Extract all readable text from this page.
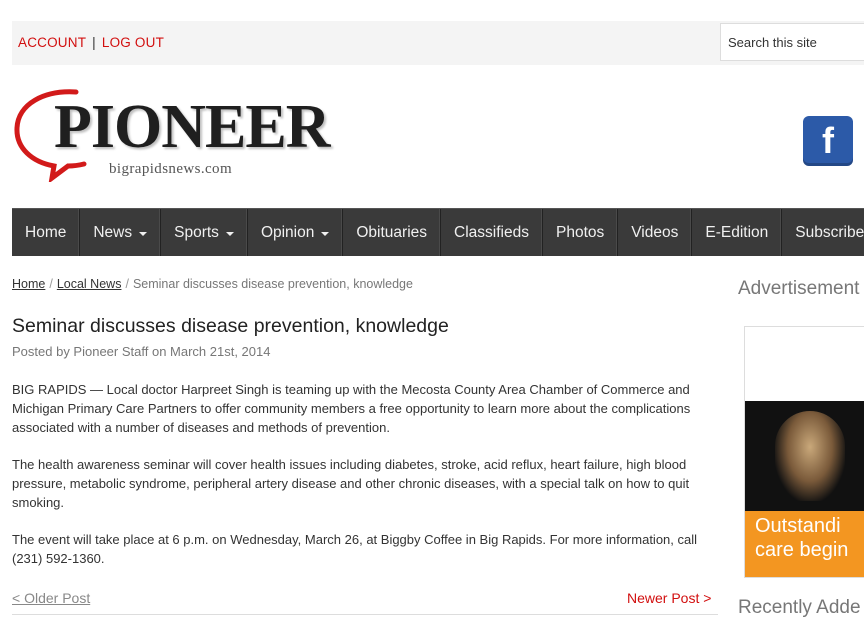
ACCOUNT | LOG OUT
Search this site
PIONEER
bigrapidsnews.com
f
Home News	Sports	Opinion	Obituaries Classifieds Photos Videos E-Edition Subscribe
Home / Local News / Seminar discusses disease prevention, knowledge
Seminar discusses disease prevention, knowledge
Posted by Pioneer Staff on March 21st, 2014

BIG RAPIDS — Local doctor Harpreet Singh is teaming up with the Mecosta County Area Chamber of Commerce and Michigan Primary Care Partners to offer community members a free opportunity to learn more about the complications associated with a number of diseases and methods of prevention.

The health awareness seminar will cover health issues including diabetes, stroke, acid reflux, heart failure, high blood pressure, metabolic syndrome, peripheral artery disease and other chronic diseases, with a special talk on how to quit smoking.

The event will take place at 6 p.m. on Wednesday, March 26, at Biggby Coffee in Big Rapids. For more information, call (231) 592-1360.

< Older Post	Newer Post >
Advertisement
Outstandi
care begin
Recently Adde
